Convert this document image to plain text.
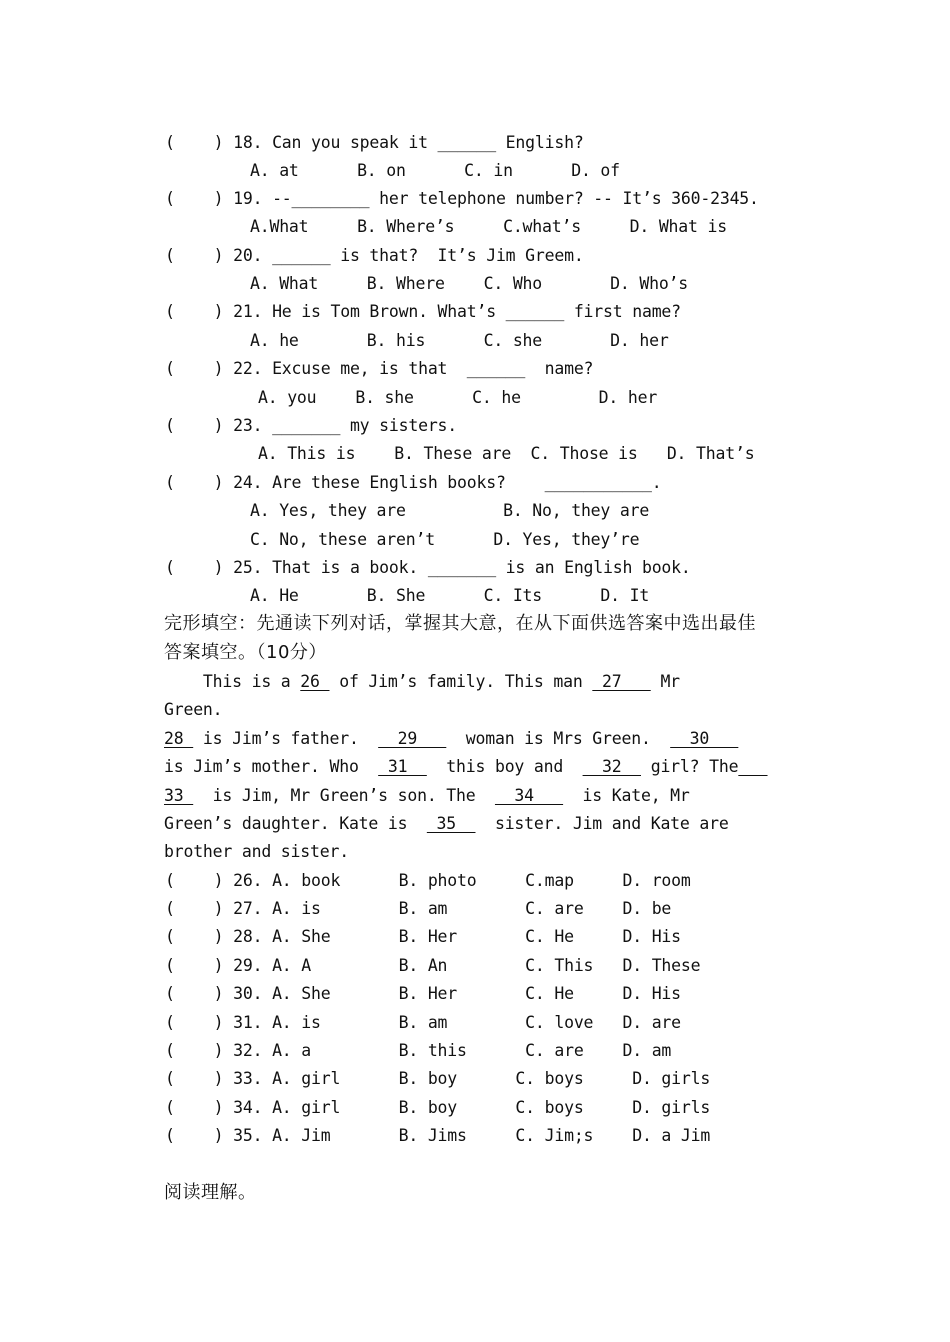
(    ) 18. Can you speak it ______ English?
A. at      B. on      C. in      D. of
(    ) 19. --________ her telephone number? -- It’s 360-2345.
A.What     B. Where’s     C.what’s     D. What is
(    ) 20. ______ is that?  It’s Jim Greem.
A. What     B. Where    C. Who       D. Who’s
(    ) 21. He is Tom Brown. What’s ______ first name?
A. he       B. his      C. she       D. her
(    ) 22. Excuse me, is that  ______  name?
A. you    B. she      C. he        D. her
(    ) 23. _______ my sisters.
A. This is    B. These are  C. Those is   D. That’s
(    ) 24. Are these English books?    ___________.
A. Yes, they are          B. No, they are
C. No, these aren’t      D. Yes, they’re
(    ) 25. That is a book. _______ is an English book.
A. He       B. She      C. Its      D. It
完形填空：先通读下列对话，掌握其大意，在从下面供选答案中选出最佳
答案填空。（10分）
This is a 26  of Jim’s family. This man  27    Mr
Green.
28  is Jim’s father.    29     woman is Mrs Green.    30
is Jim’s mother. Who   31    this boy and    32   girl? The
33   is Jim, Mr Green’s son. The    34     is Kate, Mr
Green’s daughter. Kate is   35    sister. Jim and Kate are
brother and sister.
(    ) 26. A. book      B. photo     C.map     D. room
(    ) 27. A. is        B. am        C. are    D. be
(    ) 28. A. She       B. Her       C. He     D. His
(    ) 29. A. A         B. An        C. This   D. These
(    ) 30. A. She       B. Her       C. He     D. His
(    ) 31. A. is        B. am        C. love   D. are
(    ) 32. A. a         B. this      C. are    D. am
(    ) 33. A. girl      B. boy      C. boys     D. girls
(    ) 34. A. girl      B. boy      C. boys     D. girls
(    ) 35. A. Jim       B. Jims     C. Jim;s    D. a Jim
阅读理解。
